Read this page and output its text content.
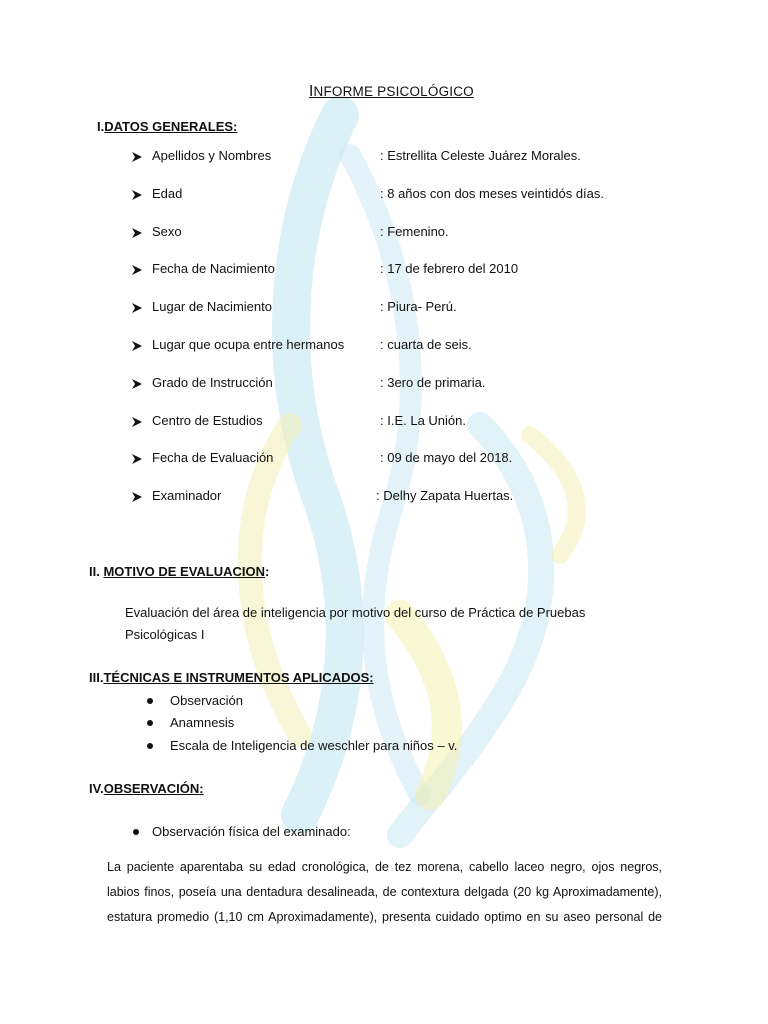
INFORME PSICOLÓGICO
I.DATOS GENERALES:
Apellidos y Nombres	: Estrellita Celeste Juárez Morales.
Edad	: 8 años con dos meses veintidós días.
Sexo	: Femenino.
Fecha de Nacimiento	: 17 de febrero del 2010
Lugar de Nacimiento	: Piura- Perú.
Lugar que ocupa entre hermanos	: cuarta de seis.
Grado de Instrucción	: 3ero de primaria.
Centro de Estudios	: I.E. La Unión.
Fecha de Evaluación	: 09 de mayo del 2018.
Examinador	: Delhy Zapata Huertas.
II. MOTIVO DE EVALUACION:
Evaluación del área de inteligencia por motivo del curso de Práctica de Pruebas
Psicológicas I
III.TÉCNICAS E INSTRUMENTOS APLICADOS:
Observación
Anamnesis
Escala de Inteligencia de weschler para niños – v.
IV.OBSERVACIÓN:
Observación física del examinado:
La paciente aparentaba su edad cronológica, de tez morena, cabello laceo negro, ojos negros,
labios finos, poseía una dentadura desalineada, de contextura delgada (20 kg Aproximadamente),
estatura promedio (1,10 cm Aproximadamente), presenta cuidado optimo en su aseo personal de
